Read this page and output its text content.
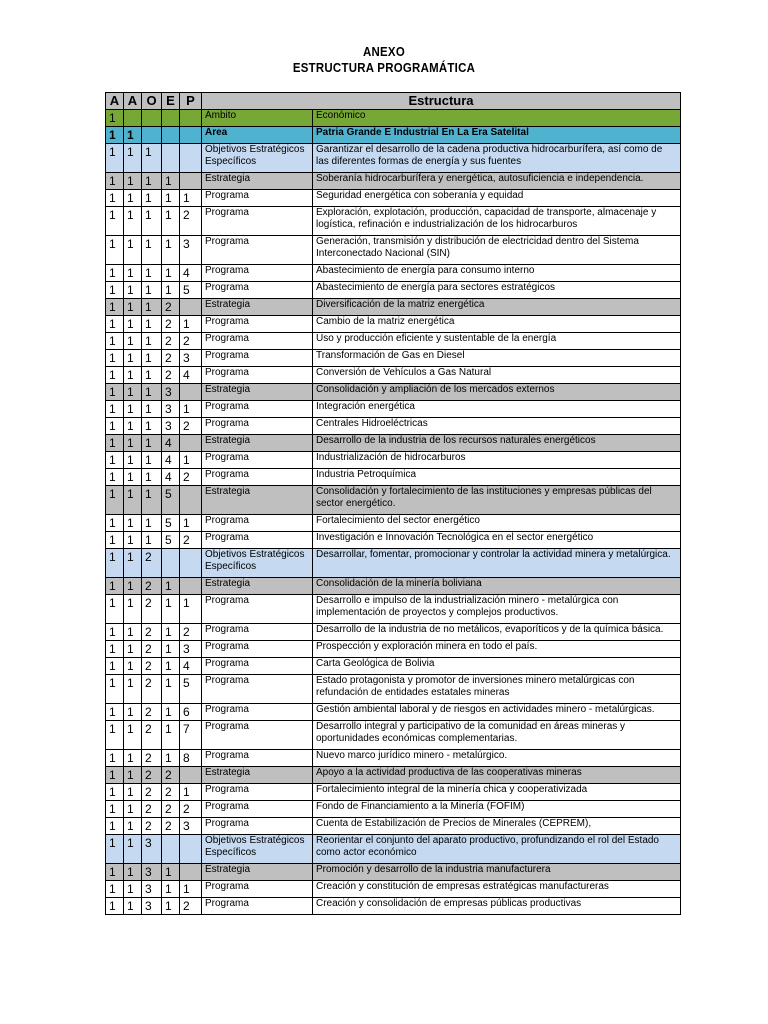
ANEXO
ESTRUCTURA PROGRAMÁTICA
A	A	O	E	P	Estructura	
1					Ámbito	Económico
1	1				Área	Patria Grande E Industrial En La Era Satelital
1	1	1			Objetivos Estratégicos Específicos	Garantizar el desarrollo de la cadena productiva hidrocarburífera, así como de las diferentes formas de energía y sus fuentes
1	1	1	1		Estrategia	Soberanía hidrocarburífera y energética, autosuficiencia e independencia.
1	1	1	1	1	Programa	Seguridad energética con soberanía y equidad
1	1	1	1	2	Programa	Exploración, explotación, producción, capacidad de transporte, almacenaje y logística, refinación e industrialización de los hidrocarburos
1	1	1	1	3	Programa	Generación, transmisión y distribución de electricidad dentro del Sistema Interconectado Nacional (SIN)
1	1	1	1	4	Programa	Abastecimiento de energía para consumo interno
1	1	1	1	5	Programa	Abastecimiento de energía para sectores estratégicos
1	1	1	2		Estrategia	Diversificación de la matriz energética
1	1	1	2	1	Programa	Cambio de la matriz energética
1	1	1	2	2	Programa	Uso y producción eficiente y sustentable de la energía
1	1	1	2	3	Programa	Transformación de Gas en Diesel
1	1	1	2	4	Programa	Conversión de Vehículos a Gas Natural
1	1	1	3		Estrategia	Consolidación y ampliación de los mercados externos
1	1	1	3	1	Programa	Integración energética
1	1	1	3	2	Programa	Centrales Hidroeléctricas
1	1	1	4		Estrategia	Desarrollo de la industria de los recursos naturales energéticos
1	1	1	4	1	Programa	Industrialización de hidrocarburos
1	1	1	4	2	Programa	Industria Petroquímica
1	1	1	5		Estrategia	Consolidación y fortalecimiento de las instituciones y empresas públicas del sector energético.
1	1	1	5	1	Programa	Fortalecimiento del sector energético
1	1	1	5	2	Programa	Investigación e Innovación Tecnológica en el sector energético
1	1	2			Objetivos Estratégicos Específicos	Desarrollar, fomentar, promocionar y controlar la actividad minera y metalúrgica.
1	1	2	1		Estrategia	Consolidación de la minería boliviana
1	1	2	1	1	Programa	Desarrollo e impulso de la industrialización minero - metalúrgica con implementación de proyectos y complejos productivos.
1	1	2	1	2	Programa	Desarrollo de la industria de no metálicos, evaporíticos y de la química básica.
1	1	2	1	3	Programa	Prospección y exploración minera en todo el país.
1	1	2	1	4	Programa	Carta Geológica de Bolivia
1	1	2	1	5	Programa	Estado protagonista y promotor de inversiones minero metalúrgicas con refundación de entidades estatales mineras
1	1	2	1	6	Programa	Gestión ambiental laboral y de riesgos en actividades minero - metalúrgicas.
1	1	2	1	7	Programa	Desarrollo integral y participativo de la comunidad en áreas mineras y oportunidades económicas complementarias.
1	1	2	1	8	Programa	Nuevo marco jurídico minero - metalúrgico.
1	1	2	2		Estrategia	Apoyo a la actividad productiva de las cooperativas mineras
1	1	2	2	1	Programa	Fortalecimiento integral de la minería chica y cooperativizada
1	1	2	2	2	Programa	Fondo de Financiamiento a la Minería (FOFIM)
1	1	2	2	3	Programa	Cuenta de Estabilización de Precios de Minerales (CEPREM),
1	1	3			Objetivos Estratégicos Específicos	Reorientar el conjunto del aparato productivo, profundizando el rol del Estado como actor económico
1	1	3	1		Estrategia	Promoción y desarrollo de la industria manufacturera
1	1	3	1	1	Programa	Creación y constitución de empresas estratégicas manufactureras
1	1	3	1	2	Programa	Creación y consolidación de empresas públicas productivas
